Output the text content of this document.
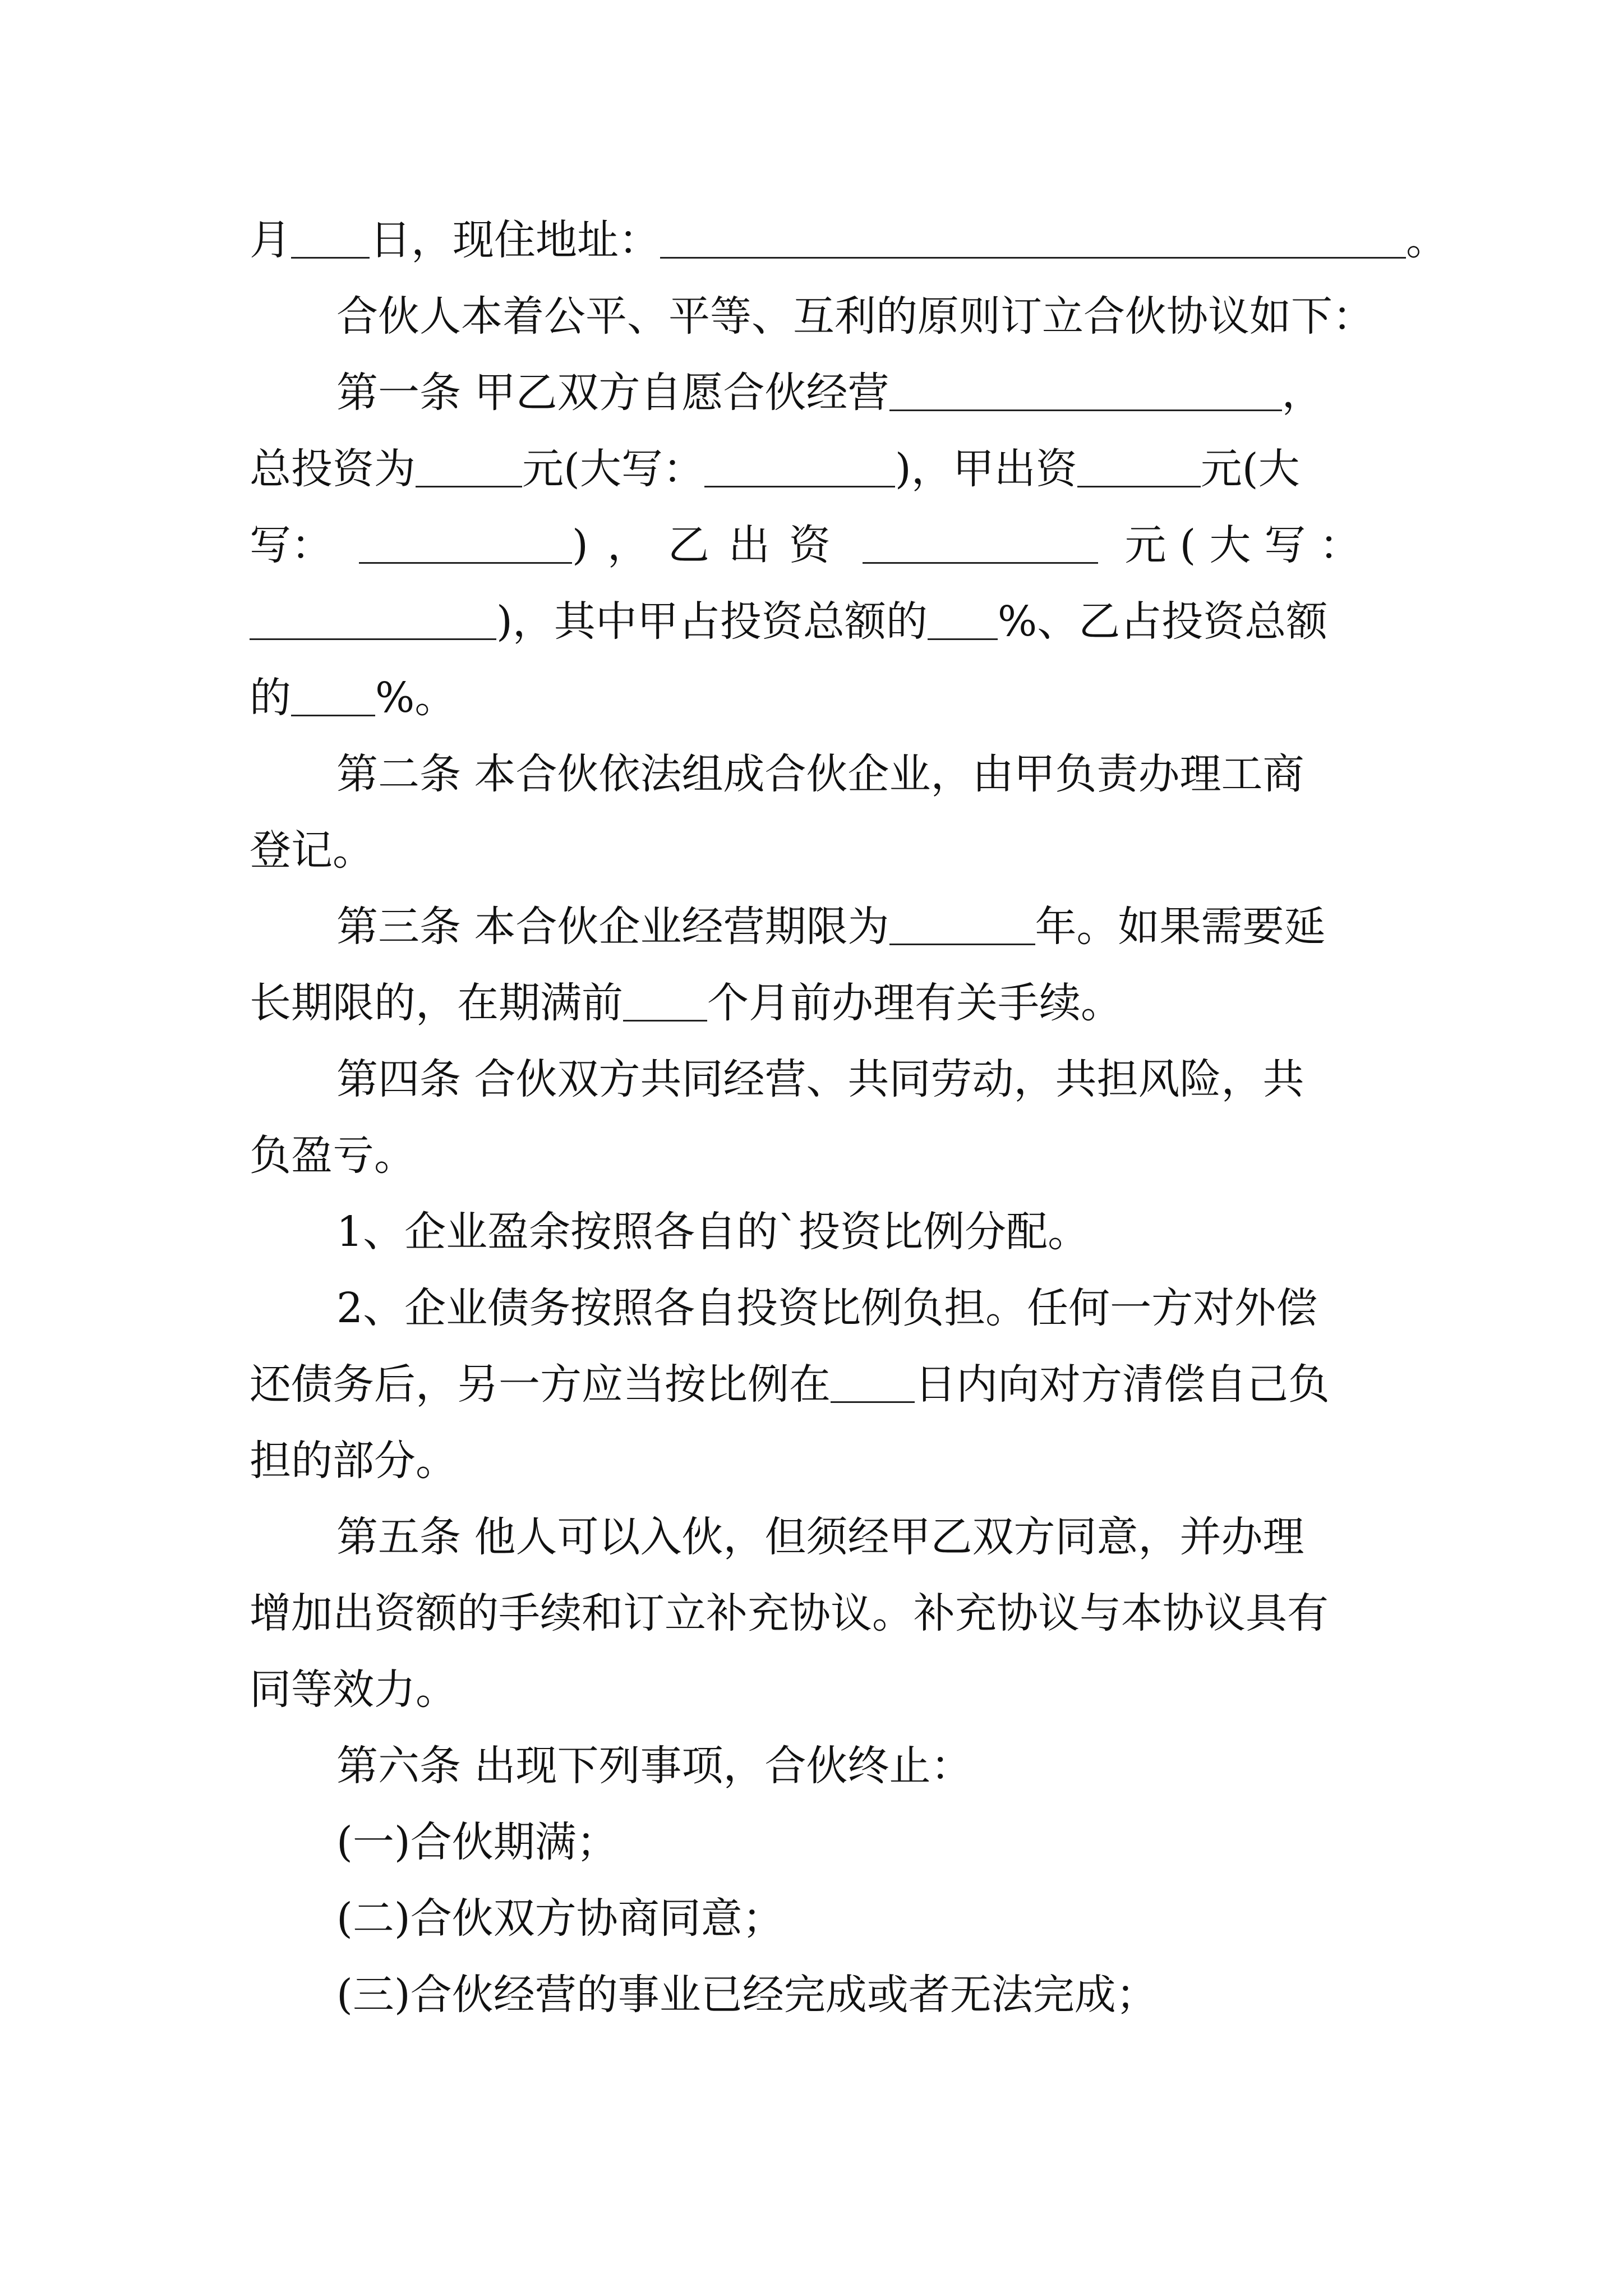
月 日，现住地址：	。
合伙人本着公平、平等、互利的原则订立合伙协议如下：
第一条 甲乙双方自愿合伙经营	，
总投资为	元(大写：	)，甲出资	元(大
写：	)，乙出资	元(大写：
)，其中甲占投资总额的 %、乙占投资总额
的 %。
第二条 本合伙依法组成合伙企业，由甲负责办理工商
登记。
第三条 本合伙企业经营期限为	年。如果需要延
长期限的，在期满前 个月前办理有关手续。
第四条 合伙双方共同经营、共同劳动，共担风险，共
负盈亏。
1、企业盈余按照各自的`投资比例分配。
2、企业债务按照各自投资比例负担。任何一方对外偿
还债务后，另一方应当按比例在 日内向对方清偿自己负
担的部分。
第五条 他人可以入伙，但须经甲乙双方同意，并办理
增加出资额的手续和订立补充协议。补充协议与本协议具有
同等效力。
第六条 出现下列事项，合伙终止：
(一)合伙期满；
(二)合伙双方协商同意；
(三)合伙经营的事业已经完成或者无法完成；
